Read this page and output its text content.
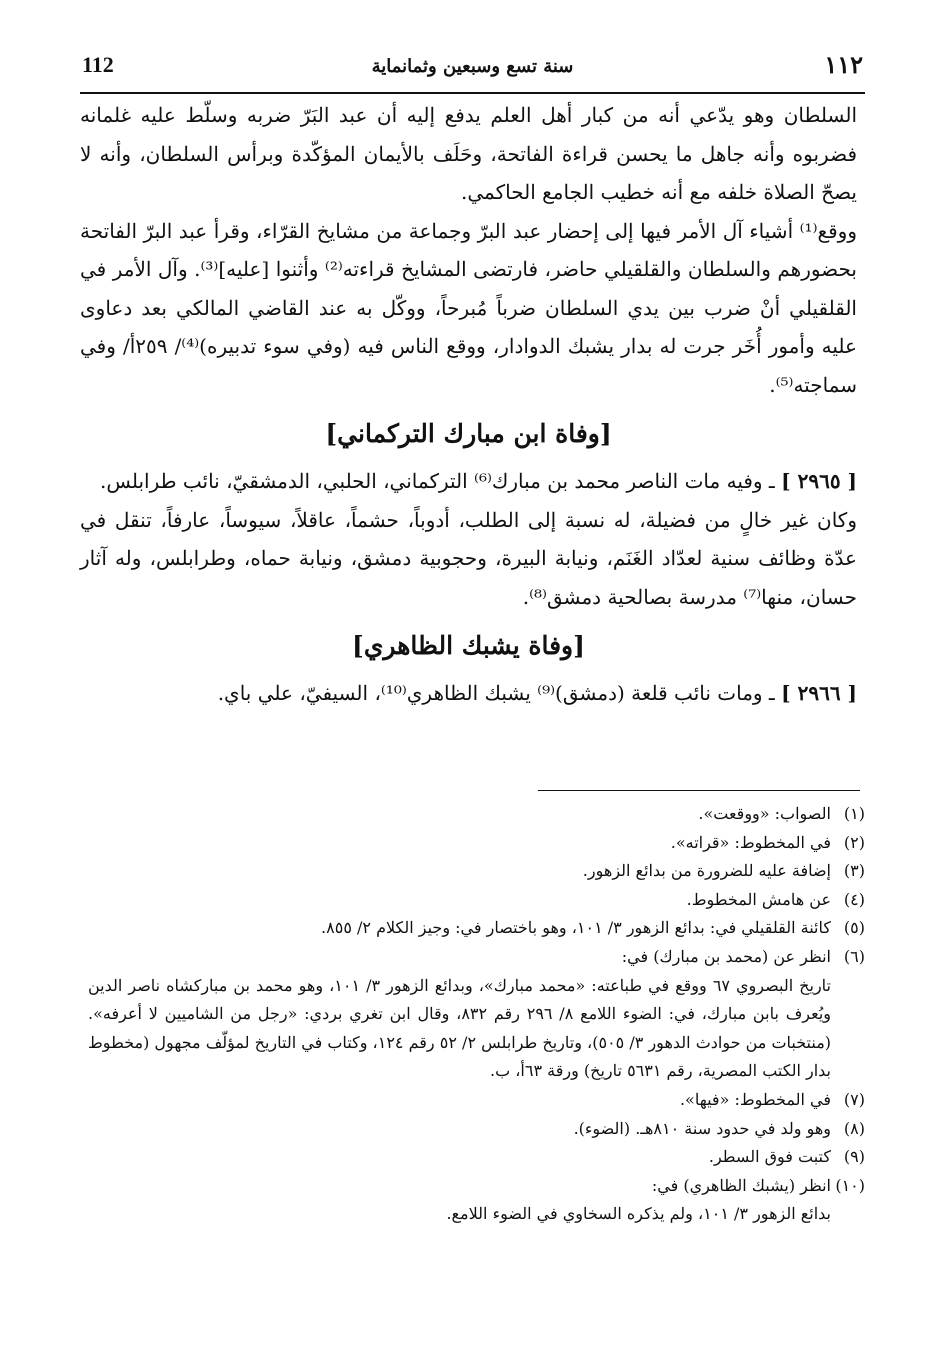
112	سنة تسع وسبعين وثمانماية	١١٢

السلطان وهو يدّعي أنه من كبار أهل العلم يدفع إليه أن عبد البَرّ ضربه وسلّط عليه غلمانه فضربوه وأنه جاهل ما يحسن قراءة الفاتحة، وحَلَف بالأيمان المؤكّدة وبرأس السلطان، وأنه لا يصحّ الصلاة خلفه مع أنه خطيب الجامع الحاكمي.

ووقع⁽¹⁾ أشياء آل الأمر فيها إلى إحضار عبد البرّ وجماعة من مشايخ القرّاء، وقرأ عبد البرّ الفاتحة بحضورهم والسلطان والقلقيلي حاضر، فارتضى المشايخ قراءته⁽²⁾ وأثنوا [عليه]⁽³⁾. وآل الأمر في القلقيلي أنْ ضرب بين يدي السلطان ضرباً مُبرحاً، ووكّل به عند القاضي المالكي بعد دعاوى عليه وأمور أُخَر جرت له بدار يشبك الدوادار، ووقع الناس فيه (وفي سوء تدبيره)⁽⁴⁾/ ٢٥٩أ/ وفي سماجته⁽⁵⁾.

[وفاة ابن مبارك التركماني]

[ ٢٩٦٥ ] ـ وفيه مات الناصر محمد بن مبارك⁽⁶⁾ التركماني، الحلبي، الدمشقيّ، نائب طرابلس.

وكان غير خالٍ من فضيلة، له نسبة إلى الطلب، أدوباً، حشماً، عاقلاً، سيوساً، عارفاً، تنقل في عدّة وظائف سنية لعدّاد الغَنَم، ونيابة البيرة، وحجوبية دمشق، ونيابة حماه، وطرابلس، وله آثار حسان، منها⁽⁷⁾ مدرسة بصالحية دمشق⁽⁸⁾.

[وفاة يشبك الظاهري]

[ ٢٩٦٦ ] ـ ومات نائب قلعة (دمشق)⁽⁹⁾ يشبك الظاهري⁽¹⁰⁾، السيفيّ، علي باي.

(١)
الصواب: «ووقعت».
(٢)
في المخطوط: «قراته».
(٣)
إضافة عليه للضرورة من بدائع الزهور.
(٤)
عن هامش المخطوط.
(٥)
كائنة القلقيلي في: بدائع الزهور ٣/ ١٠١، وهو باختصار في: وجيز الكلام ٢/ ٨٥٥.
(٦)
انظر عن (محمد بن مبارك) في:
تاريخ البصروي ٦٧ ووقع في طباعته: «محمد مبارك»، وبدائع الزهور ٣/ ١٠١، وهو محمد بن مباركشاه ناصر الدين ويُعرف بابن مبارك، في: الضوء اللامع ٨/ ٢٩٦ رقم ٨٣٢، وقال ابن تغري بردي: «رجل من الشاميين لا أعرفه». (منتخبات من حوادث الدهور ٣/ ٥٠٥)، وتاريخ طرابلس ٢/ ٥٢ رقم ١٢٤، وكتاب في التاريخ لمؤلّف مجهول (مخطوط بدار الكتب المصرية، رقم ٥٦٣١ تاريخ) ورقة ٦٣أ، ب.
(٧)
في المخطوط: «فيها».
(٨)
وهو ولد في حدود سنة ٨١٠هـ. (الضوء).
(٩)
كتبت فوق السطر.
(١٠)
انظر (يشبك الظاهري) في:
بدائع الزهور ٣/ ١٠١، ولم يذكره السخاوي في الضوء اللامع.
